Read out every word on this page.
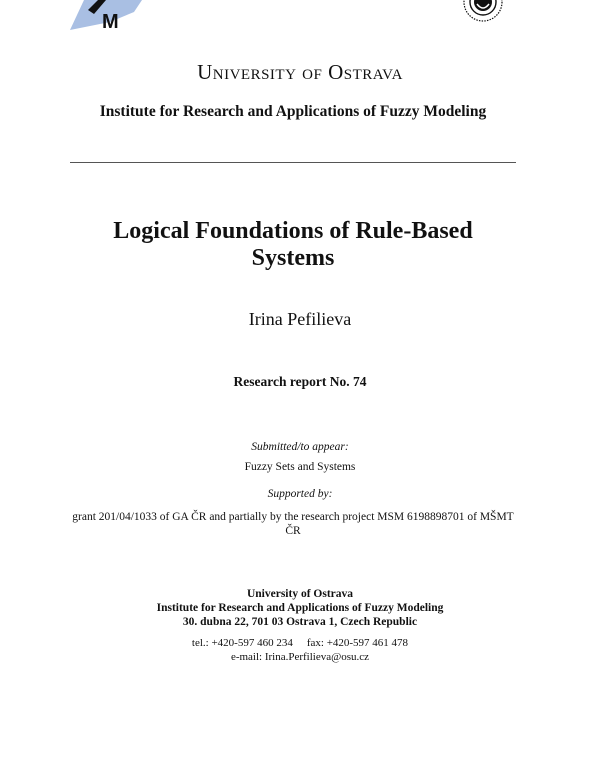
M
University of Ostrava
Institute for Research and Applications of Fuzzy Modeling
Logical Foundations of Rule-Based Systems
Irina Pefilieva
Research report No. 74
Submitted/to appear:
Fuzzy Sets and Systems
Supported by:
grant 201/04/1033 of GA ČR and partially by the research project MSM 6198898701 of MŠMT ČR
University of Ostrava
Institute for Research and Applications of Fuzzy Modeling
30. dubna 22, 701 03 Ostrava 1, Czech Republic
tel.: +420-597 460 234 fax: +420-597 461 478
e-mail: Irina.Perfilieva@osu.cz
